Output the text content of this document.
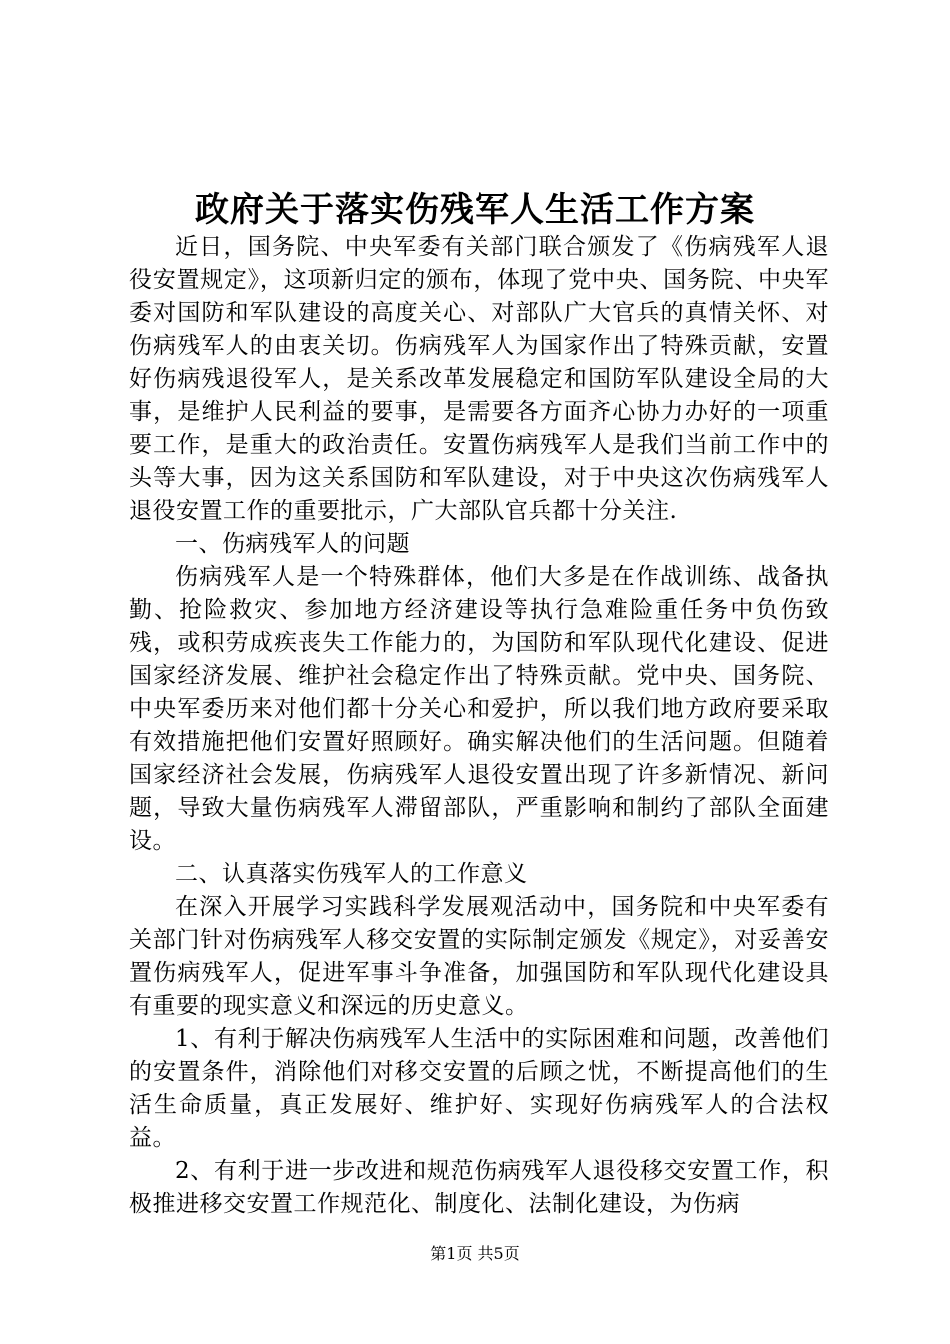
政府关于落实伤残军人生活工作方案

近日，国务院、中央军委有关部门联合颁发了《伤病残军人退役安置规定》，这项新归定的颁布，体现了党中央、国务院、中央军委对国防和军队建设的高度关心、对部队广大官兵的真情关怀、对伤病残军人的由衷关切。伤病残军人为国家作出了特殊贡献，安置好伤病残退役军人，是关系改革发展稳定和国防军队建设全局的大事，是维护人民利益的要事，是需要各方面齐心协力办好的一项重要工作，是重大的政治责任。安置伤病残军人是我们当前工作中的头等大事，因为这关系国防和军队建设，对于中央这次伤病残军人退役安置工作的重要批示，广大部队官兵都十分关注.

一、伤病残军人的问题

伤病残军人是一个特殊群体，他们大多是在作战训练、战备执勤、抢险救灾、参加地方经济建设等执行急难险重任务中负伤致残，或积劳成疾丧失工作能力的，为国防和军队现代化建设、促进国家经济发展、维护社会稳定作出了特殊贡献。党中央、国务院、中央军委历来对他们都十分关心和爱护，所以我们地方政府要采取有效措施把他们安置好照顾好。确实解决他们的生活问题。但随着国家经济社会发展，伤病残军人退役安置出现了许多新情况、新问题，导致大量伤病残军人滞留部队，严重影响和制约了部队全面建设。

二、认真落实伤残军人的工作意义

在深入开展学习实践科学发展观活动中，国务院和中央军委有关部门针对伤病残军人移交安置的实际制定颁发《规定》，对妥善安置伤病残军人，促进军事斗争准备，加强国防和军队现代化建设具有重要的现实意义和深远的历史意义。

1、有利于解决伤病残军人生活中的实际困难和问题，改善他们的安置条件，消除他们对移交安置的后顾之忧，不断提高他们的生活生命质量，真正发展好、维护好、实现好伤病残军人的合法权益。

2、有利于进一步改进和规范伤病残军人退役移交安置工作，积极推进移交安置工作规范化、制度化、法制化建设，为伤病

第1页 共5页
